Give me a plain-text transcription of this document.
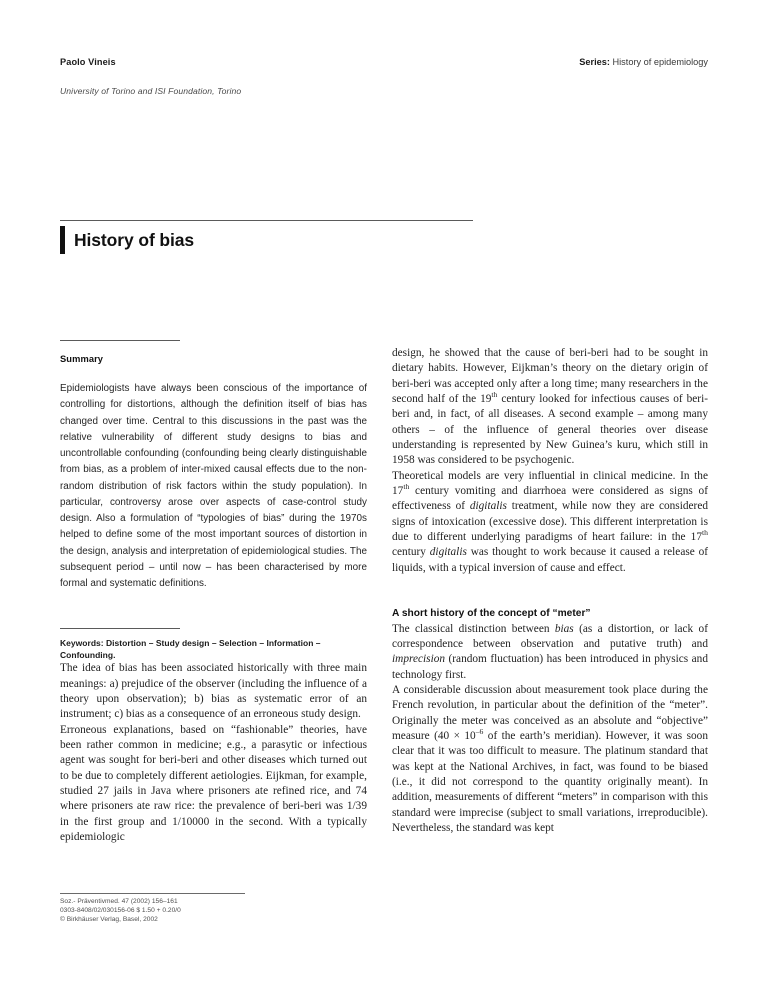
Paolo Vineis	Series: History of epidemiology
University of Torino and ISI Foundation, Torino
History of bias
Summary

Epidemiologists have always been conscious of the importance of controlling for distortions, although the definition itself of bias has changed over time. Central to this discussions in the past was the relative vulnerability of different study designs to bias and uncontrollable confounding (confounding being clearly distinguishable from bias, as a problem of inter-mixed causal effects due to the non-random distribution of risk factors within the study population). In particular, controversy arose over aspects of case-control study design. Also a formulation of “typologies of bias” during the 1970s helped to define some of the most important sources of distortion in the design, analysis and interpretation of epidemiological studies. The subsequent period – until now – has been characterised by more formal and systematic definitions.

Keywords: Distortion – Study design – Selection – Information – Confounding.

The idea of bias has been associated historically with three main meanings: a) prejudice of the observer (including the influence of a theory upon observation); b) bias as systematic error of an instrument; c) bias as a consequence of an erroneous study design.

Erroneous explanations, based on “fashionable” theories, have been rather common in medicine; e.g., a parasytic or infectious agent was sought for beri-beri and other diseases which turned out to be due to completely different aetiologies. Eijkman, for example, studied 27 jails in Java where prisoners ate refined rice, and 74 where prisoners ate raw rice: the prevalence of beri-beri was 1/39 in the first group and 1/10000 in the second. With a typically epidemiologic

design, he showed that the cause of beri-beri had to be sought in dietary habits. However, Eijkman’s theory on the dietary origin of beri-beri was accepted only after a long time; many researchers in the second half of the 19th century looked for infectious causes of beri-beri and, in fact, of all diseases. A second example – among many others – of the influence of general theories over disease understanding is represented by New Guinea’s kuru, which still in 1958 was considered to be psychogenic.

Theoretical models are very influential in clinical medicine. In the 17th century vomiting and diarrhoea were considered as signs of effectiveness of digitalis treatment, while now they are considered signs of intoxication (excessive dose). This different interpretation is due to different underlying paradigms of heart failure: in the 17th century digitalis was thought to work because it caused a release of liquids, with a typical inversion of cause and effect.

A short history of the concept of “meter”

The classical distinction between bias (as a distortion, or lack of correspondence between observation and putative truth) and imprecision (random fluctuation) has been introduced in physics and technology first.

A considerable discussion about measurement took place during the French revolution, in particular about the definition of the “meter”. Originally the meter was conceived as an absolute and “objective” measure ($40 \times 10^{-6}$ of the earth’s meridian). However, it was soon clear that it was too difficult to measure. The platinum standard that was kept at the National Archives, in fact, was found to be biased (i.e., it did not correspond to the quantity originally meant). In addition, measurements of different “meters” in comparison with this standard were imprecise (subject to small variations, irreproducible). Nevertheless, the standard was kept

Soz.- Präventivmed. 47 (2002) 156–161
0303-8408/02/030156-06 $ 1.50 + 0.20/0
© Birkhäuser Verlag, Basel, 2002
